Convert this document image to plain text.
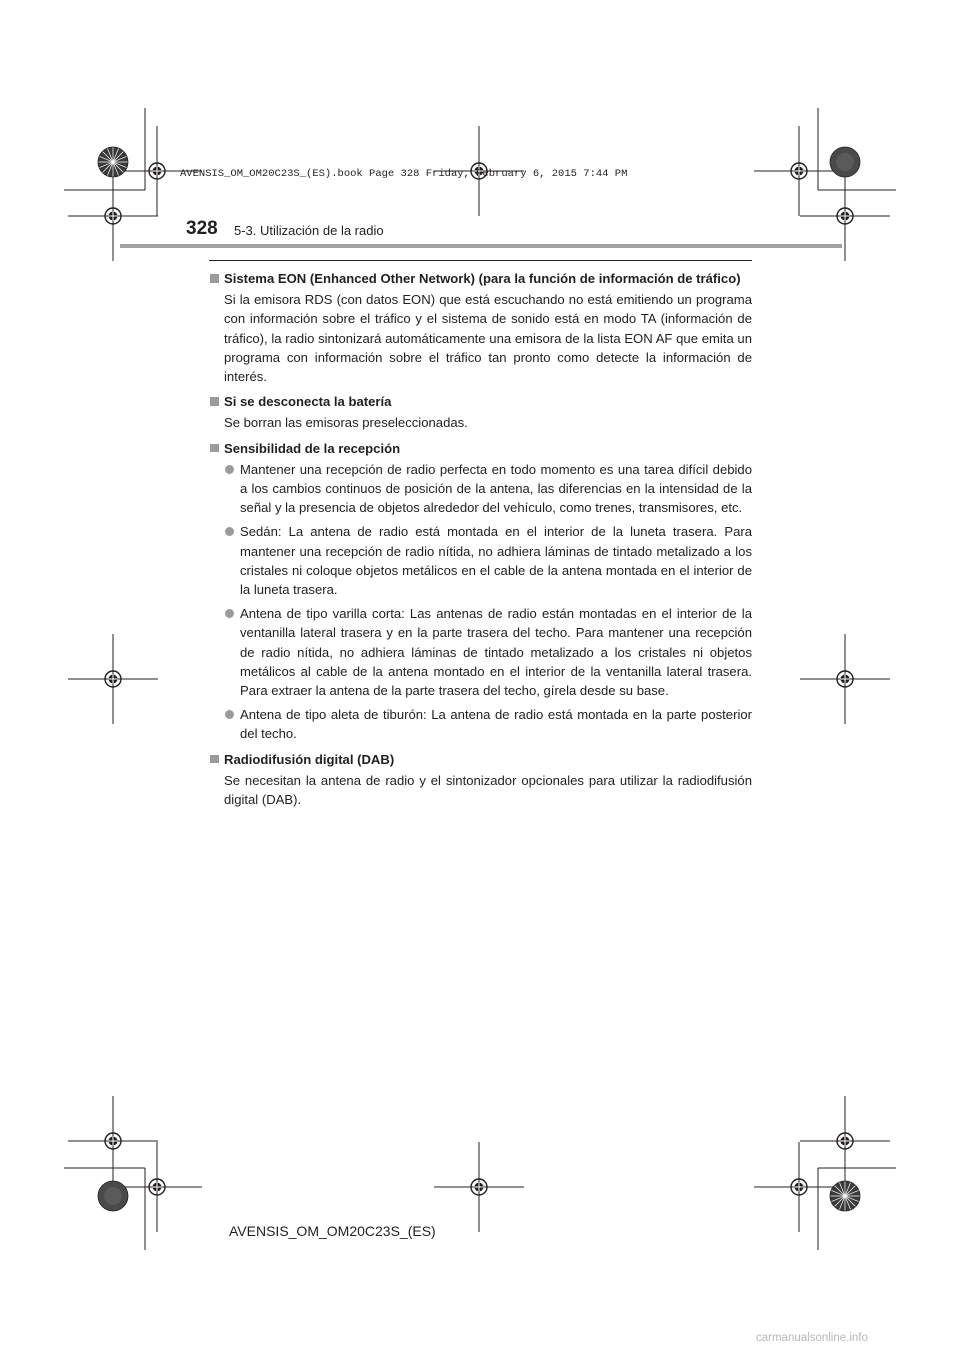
AVENSIS_OM_OM20C23S_(ES).book Page 328 Friday, February 6, 2015 7:44 PM
328 5-3. Utilización de la radio
Sistema EON (Enhanced Other Network) (para la función de información de tráfico)
Si la emisora RDS (con datos EON) que está escuchando no está emitiendo un programa con información sobre el tráfico y el sistema de sonido está en modo TA (información de tráfico), la radio sintonizará automáticamente una emisora de la lista EON AF que emita un programa con información sobre el tráfico tan pronto como detecte la información de interés.
Si se desconecta la batería
Se borran las emisoras preseleccionadas.
Sensibilidad de la recepción
Mantener una recepción de radio perfecta en todo momento es una tarea difícil debido a los cambios continuos de posición de la antena, las diferencias en la intensidad de la señal y la presencia de objetos alrededor del vehículo, como trenes, transmisores, etc.
Sedán: La antena de radio está montada en el interior de la luneta trasera. Para mantener una recepción de radio nítida, no adhiera láminas de tintado metalizado a los cristales ni coloque objetos metálicos en el cable de la antena montada en el interior de la luneta trasera.
Antena de tipo varilla corta: Las antenas de radio están montadas en el interior de la ventanilla lateral trasera y en la parte trasera del techo. Para mantener una recepción de radio nítida, no adhiera láminas de tintado metalizado a los cristales ni objetos metálicos al cable de la antena montado en el interior de la ventanilla lateral trasera. Para extraer la antena de la parte trasera del techo, gírela desde su base.
Antena de tipo aleta de tiburón: La antena de radio está montada en la parte posterior del techo.
Radiodifusión digital (DAB)
Se necesitan la antena de radio y el sintonizador opcionales para utilizar la radiodifusión digital (DAB).
AVENSIS_OM_OM20C23S_(ES)
carmanualsonline.info
